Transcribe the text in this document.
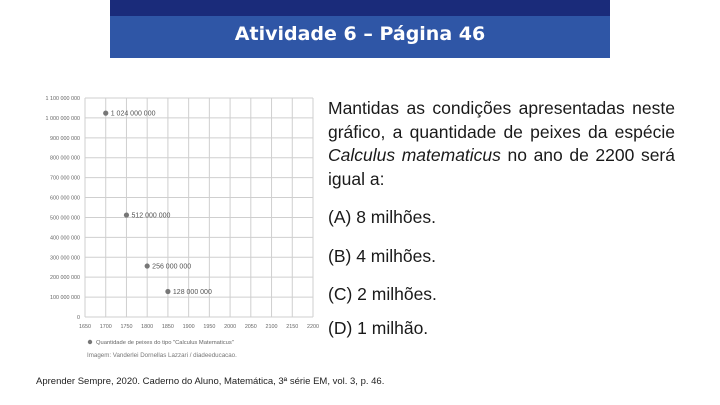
Atividade 6 – Página 46
0
100 000 000
200 000 000
300 000 000
400 000 000
500 000 000
600 000 000
700 000 000
800 000 000
900 000 000
1 000 000 000
1 100 000 000
1650 1700 1750 1800 1850 1900 1950 2000 2050 2100 2150 2200
1 024 000 000
512 000 000
256 000 000
128 000 000
Quantidade de peixes do tipo "Calculus Matematicus"
Imagem: Vanderlei Dornellas Lazzari / diadeeducacao.
Mantidas as condições apresentadas neste gráfico, a quantidade de peixes da espécie Calculus matematicus no ano de 2200 será igual a:
(A) 8 milhões.
(B) 4 milhões.
(C) 2 milhões.
(D) 1 milhão.
Aprender Sempre, 2020. Caderno do Aluno, Matemática, 3ª série EM, vol. 3, p. 46.
